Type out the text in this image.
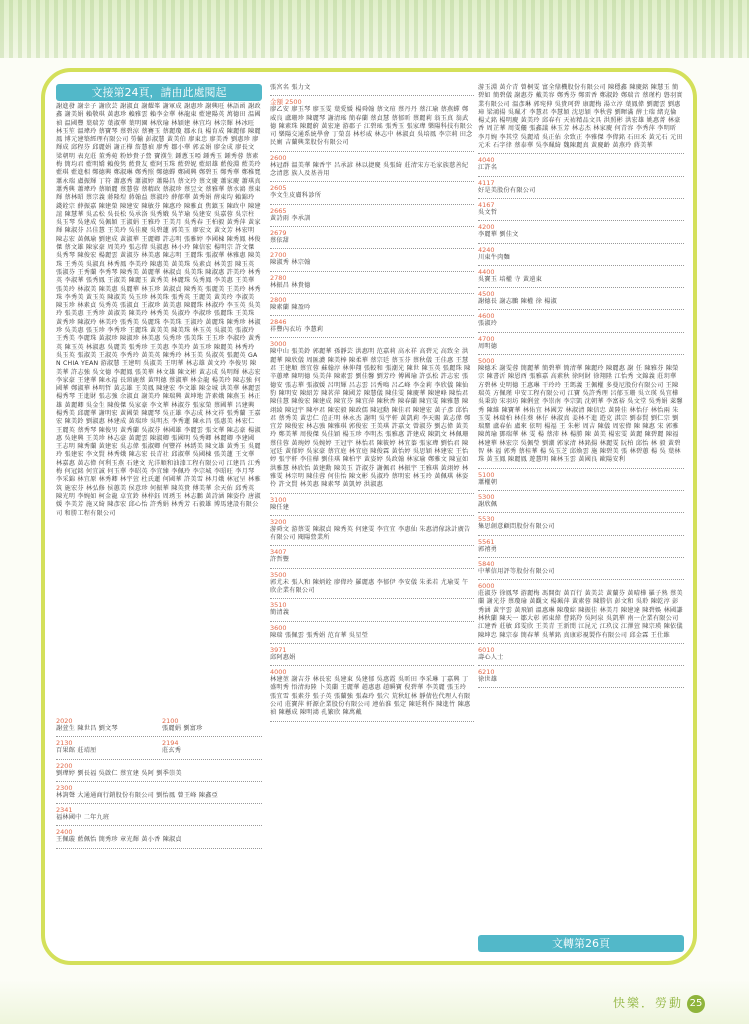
文接第24頁，請由此處閱起

謝進發 謝幸子 謝欣芸 謝淑貞 謝耀峯 謝軍成 謝惠珍 謝興旺 林語函 謝政鑫 謝美娟 賴敬琪 黃惠珍 賴雅雲 賴李金華 林龍東 藍建陽英 萬德田 温國禎 温國豐 葉瑞芳 葉淑華 葉明園 林欣瑜 林穎建 林宜均 林宗輝 林冰旺 林玉笙 溫瑋玲 蔡寶琴 蔡碧涼 蔡賽玉 蔡麗瓊 鄒永良 楊育成 陳麗郁 陳麗鳳 博元建築經理有限公司 勞輸 彭淑慧 黃美伯 廖東忠 廖美香 劉惠珍 廖輝成 邱程芬 邱麗娟 謝正樺 詹慧禎 廖秀 鄒小華 郭孟娟 廖金成 廖長文 梁朝明 表克莊 董秀菀 粉妙貴子營 寶漢生 鍾蔥玉啞 鍾秀玉 鍾秀蓉 蔡素梅 簡均君 藍明嬌 賴俊隽 藍貴友 藍阿玉珠 藍碧妮 藍紹雄 藍俊淵 藍美玲 藍琪 藍進相 鄭德興 鄭淑琳 鄭秀照 鄭德蟬 鄭國興 鄭碧玉 鄭秀華 鄭稚寬 蕭永瑞 盧振輝 丁符 蕭惠秀 蕭淑婷 蕭陽昌 蔡文玲 蔡文慶 蕭家慶 蕭琪真 蕭秀興 蕭瑋玲 蔡順麗 蔡慧蓉 蔡精政 蔡淑珍 蔡昱文 蔡雅華 蔡水鴻 蔡東輝 蔡林昭 蔡宗義 蔣隆煌 蔣翰益 蔡淑玲 薛郁華 黃秀娟 薛東均 賴錦玲 錢銓宗 薛振嘉 陳建榮 陳建安 陳敏芬 陳惠玲 陳雅貞 焦鎮玉 陳政中 陳建誼 陳慧華 吳孟松 吳長松 吳承洛 吳秀娥 吳芊瑜 吳建安 吳嘉蓉 吳宗柱 吳玉琴 吳建成 吳佩穎 王淑娟 王雅玲 王美月 吳秀春 王柏毅 黃秀萍 黃家輝 陳淑芬 呂佳慧 王美玲 吳佳慶 吳碧蓮 郭美玉 廖宏文 黃文芳 林宏明 陳志宏 黃佩瑜 劉建成 黃淑華 王麗卿 許志明 張雅婷 李國棟 陳秀鳳 林俊傑 蔡文雄 陳家豪 周美玲 張志偉 吳淑惠 林小玲 陳信宏 楊明宗 許文傑 吳秀琴 陳俊宏 楊麗雲 黃淑芬 林美惠 陳志明 王麗珠 張淑華 林雅惠 陳美珠 王秀英 吳淑真 林秀鳳 李美玲 陳惠美 黃美珠 吳素貞 林美雲 陳玉英 張淑芬 王秀蘭 李秀琴 陳秀美 黃麗華 林淑貞 吳美珠 陳淑惠 許美玲 林秀英 李淑華 張秀鳳 王淑美 陳麗玉 黃秀美 林麗珠 吳秀鳳 李美惠 王美華 張美玲 林淑美 陳美惠 吳麗華 林玉珍 黃淑貞 陳秀英 張麗美 王美玲 林秀珠 李秀美 黃玉英 陳淑美 吳玉珍 林美珠 張秀英 王麗美 黃美玲 李淑美 陳玉珍 林素貞 吳秀英 張淑貞 王淑珍 黃美惠 陳麗珠 林淑玲 李玉英 吳美玲 張美惠 王秀珍 黃淑美 陳美玲 林秀美 吳淑玲 李淑珍 張麗珠 王美珠 黃秀珍 陳淑玲 林美玲 張秀美 吳麗珠 李美珠 王淑玲 黃麗珠 陳秀珍 林淑珍 吳美惠 張玉珍 李秀珍 王麗珠 黃美美 陳美珠 林玉英 吳淑美 張淑玲 王秀美 李麗珠 黃淑珍 陳淑珍 林美惠 吳秀珍 張美珠 王玉珍 李淑玲 黃秀英 陳玉英 林淑惠 吳麗美 張秀珍 王美惠 李美玲 黃玉珍 陳麗美 林秀玲 吳玉英 張淑美 王淑英 李秀玲 黃美英 陳秀玲 林玉美 吳淑英 張麗英 GAN CHIA YEAN 游淑慧 王建明 吳淑美 王明華 林志雄 黃文玲 李俊男 陳美華 許志強 吳文德 李麗鳳 張美華 林文雄 陳文彬 黃志成 吳明輝 林志宏 李家豪 王建華 陳永福 長頸鹿蔡 黃明德 蔡淑華 林金龍 楊美玲 陳志強 何國華 鄭淑華 林明哲 黃志雄 王美鳳 陳建宏 李文雄 陳金城 洪美華 林麗雲 楊秀琴 王進財 張志強 余淑貞 謝美玲 陳瑞興 黃坤地 許素娥 陳燕玉 林正雄 黃麗卿 吳金生 陳俊傑 吳家豪 李文華 林淑芬 張家榮 蔡國華 呂建興 楊秀美 邱麗華 謝明宏 黃國榮 陳麗琴 吳正雄 李志成 林文祥 張秀蘭 王嘉宏 陳美鈴 劉淑惠 林建成 黃瑞珍 吳明杰 李秀蓮 陳永昌 張惠美 林宏仁 王麗英 蔡秀琴 陳俊男 黃秀蘭 吳淑芬 林國雄 李麗雲 張文華 陳志豪 楊淑惠 吳建興 王美珍 林志豪 黃麗雲 陳淑卿 張國明 吳秀卿 林麗卿 李建國 王志明 陳秀蘭 黃建宏 吳志偉 張淑卿 何豐祥 林綉美 陳文雄 黃秀玉 吳麗玲 張建宏 李文賢 林秀娥 陳志宏 長青社 邱淑華 吳國棟 張美蓮 王文華 林嘉惠 黃志偉 何利玉燕 石建文 光洋順和油漆工程有限公司 江建昌 江秀梅 何冠銘 何宜誠 何玉華 李昭英 李宜臻 李佩玲 李宗城 李昭旺 李月琴 李采錦 林宜原 林秀卿 林宇萱 杜氏蓮 何國華 許美雪 林月娥 林冠呈 林雅筑 施宏芬 林弘修 侯蕙美 侯意珍 何振華 陳英貴 傅美華 余天佑 邱秀英 陳光明 李婉如 柯金龍 卓宜鈴 林梓鈺 周琇玉 林志鵬 黃詩涵 陳姿伶 唐淑媛 李美芳 施又綺 陳彥宏 邱心怡 許秀娟 林秀芳 石毅雄 博馬建設有限公司 和勝工程有限公司

2020
謝萱生 陳世昌 劉文琴
2100
張麗娟 劉富珍
2130
百果館 莊靖厘
2194
莊玄秀
2200
劉瑋婷 劉長福 吳啟仁 蔡宜建 吳阿 劉季崇美
2300
林詢聲 大通通商行銷股份有限公司 劉怡鳳 曾王峰 陳鑫亞
2341
福林國中 二年九班
2400
王佩璇 藍佩怡 簡秀珍 章光輝 黃小香 陳淑貞
張宮名 張力文
金額 2500
廖乙安 廖玉琴 廖玉雯 葉愛媛 楊舜翰 蔡文瑄 蔡丹丹 蔡江瑜 蔡燕蟬 鄭威良 盧珊珍 陳麗琴 謝清瑤 簡春蘭 蔡貞慧 蔡郁昕 蔡麗莉 翁玉真 翁武德 陳素珠 陳麗蔚 黃宏達 游郡子 江碧瑤 張秀玉 張家瑋 樂陽科技有限公司 樂陽交通系統學會 丁榮喜 林杉威 林志中 林淑貞 吳培鳳 李宗莉 田念民廁 吉蘭興業股份有限公司
2600
林冠群 溫美華 陳香宇 呂承諺 林以捷慶 吳張綺 莊清宋方毛家族慈善紀念清慈 族人及基善用
2605
李文生皮膚科診所
2665
黃詩雨 李承訓
2679
蔡依甜
2700
陳淑秀 林宗翰
2780
林振昌 林貴德
2800
陳素蘭 陳盈吟
2846
祥豐內衣坊 李慧莉
3000
陳中山 張美鈴 郭麗華 孫靜芸 洪惠明 范嘉莉 高永祥 高碧元 高致全 洪麗華 陳欣儀 周匯濃 陳美棒 陳柔華 蔡宗廷 蔡玉芬 蔡秋儀 王佳惠 王慧君 王建順 蔡宜蓉 蘇翰淳 林伸翔 張較和 張潮光 陳世 陳玉英 張麗珠 陳辛蕙瑋 陳明德 吳美萍 陳素雲 劉佳馨 劉芳玲 傅國瑜 許弘松 許志宏 張德安 張志華 張淑媛 呂明輝 呂志雲 呂秀鳴 呂乙峰 李金莉 李欣儀 陳仙豹 陳明安 陳紹芳 陳茗萍 陳國芳 陳慧儀 陳佳雯 陳慶華 陳建峰 陳怡君 陳佳慧 陳俊宏 陳建成 陳宜芬 陳宜萍 陳秋香 陳春蘭 陳宜雯 陳雅慧 陳翊綾 陳冠宇 陳亭君 陳宏毅 陳政儒 陳冠勳 陳佳君 陳建宏 黃子彥 邱怡君 蔡秀美 黃忠仁 范正明 林永杰 謝明 吳宇軒 黃凱莉 李天賜 黃志偉 鄭宜芳 陳俊宏 林志強 陳雅琪 郭俊宏 王美琪 許嘉文 曾淑芬 劉志偉 黃美玲 鄭美華 周俊傑 吳佳穎 楊玉珍 李明杰 張雅惠 許建成 陳凱文 林佩珊 蔡佳蓉 黃琬婷 吳婉婷 王冠宇 林怡君 陳筱婷 林宜蓁 張家瑋 劉怡君 陳冠廷 黃郁婷 吳家豪 蔡宜庭 林宜庭 陳俊霖 黃怡婷 吳思穎 林建宏 王怡婷 張宇軒 李佳樺 劉佳琪 陳柏宇 黃姿婷 吳政翰 林家瑜 鄭雅文 陳宣如 洪雅慧 林欣怡 黃建勳 陳美玉 許淑芬 謝佩君 林振宇 王雅琪 黃翊婷 林雅雯 林宗明 陳佳蓉 何佳怡 陳文彬 吳淑玲 蔡明宏 林玉玲 黃佩琪 林姿伶 許文賢 林美惠 陳素琴 黃凱婷 洪淑惠
3100
陳任建
3200
游舜文 游蔡雯 陳淑貞 陳秀英 何建雯 李宜宜 李惠仙 朱惠清傢詠計廣告有限公司 閱陽營業所
3407
許哲豐
3500
郭尤未 張人和 陳炳銓 廖偉玲 羅麗惠 李郁伊 李安儀 朱柔若 尤瑜雯 午欣企業有限公司
3510
簡清義
3600
陳瑞 張佩雲 張秀娟 范育華 吳星瑩
3971
邱阿惠娟
4000
林建堃 謝吉芬 林長宏 吳建東 吳建郁 吳惠霞 吳昕田 李采琳 丁嘉興 丁盛明秀 悟清海陸 卜美蘭 王麗華 趙惠惠 趙瞬寶 倪碧華 李美麗 張玉玲 張宜雪 張素芬 張子英 張蘭強 張森玲 張穴 荒秋紅林 靜倩佐代理人有限公司 莊寶萍 軒源企業股份有限公司 連佑淮 張定 陳延利作 陳進竹 陳惠禎 陳懸成 陳明鴻 孔繁欣 陳萬戴
游玉淵 黃介青 曾桐雯 富全鼎機股份有限公司 陳穩鑫 陳慶銘 陳慧玉 簡碧如 簡碧儀 謝惠芬 戴美容 鄭秀芬 鄭雷香 鄭淑鈴 鄭瑞音 蔡瑾杓 磐羽實業有限公司 溫彥琳 郭宛伸 吳貴珂碧 康麗梅 湯立淳 葉鳳偉 劉麗雲 劉惠璋 梁鴻揚 吳珮才 李慧君 李慧穎 沈思穎 李秋蓉 劉暉滿 薛士瑞 緒克倫 楊丈銘 楊明慶 黃美玲 邱春有 天祐精品文具 洪照彬 洪宏雄 姚惠菁 林豪香 周芷華 周雯儷 張鑫議 林玉芳 林志杰 林家慶 何青容 李秀萍 李明昕 李月婉 李其堂 吳麗靖 吳正佑 余致正 李雅傑 李偉銘 石田禾 黃元石 元田 元禾 石字律 蔡泰華 吳李珮綺 魏陳麗真 黃慶齡 黃燕玲 蔣美華
4040
江許名
4117
好是美股份有限公司
4167
吳文哲
4200
李麗華 劉佳文
4240
川東牛肉麵
4400
吳寶玉 培權 寺 黃遠東
4500
謝德長 謝志鵬 陳權 徐 楊淑
4600
張淑玲
4700
周明德
5000
陳德禾 謝雯蓉 簡麗華 簡碧華 簡清華 陳麗玲 陳麗惠 謝 任 陳雅芬 陳榮宗 陳書沂 陳恩酉 張雅嘉 高素秋 徐阿財 徐翔陞 江怡秀 文錦義 莊玥華 方碧林 史明德 王惠琳 干玲玲 王瑪義 王佩權 多曼尼股份有限公司 王陳瑞英 方佩瑾 申安工程有限公司 江寶 吳許秀理 呂郁玉珊 吳立瑛 吳宜樺 吳秉勁 宋羽坊 陳俐萱 李崇南 李宗凱 沈朝華 李富裕 吳文堂 吳秀娟 萊馨秀 陳維 陳寶華 林佑宜 林國芳 林淑清 陳信忠 黃陸佳 林怡仔 林怡兩 朱玉雯 林瑞柏 林佳葵 林仔 林淑真 姜林不進 遊克 淇宗 劉泰賢 劉仁宗 劉瑞塵 盧春佑 盧來 依明 楊福 王 朱彬 周吉 陳儀 周宏偉 陳 陳惠 宋 郭雅 陳萬瑜 鄧瑞華 林 雯 楊 蔡沛 林 楊勝 陳 黃美 楊宏雯 黃麗 陳碧麗 陳福 林建華 林宏宗 吳佩瑩 劉潮 郭家清 林銘揚 林麗雯 阮柏 邱怡 林 毅 黃碧智 林 福 郭秀 蔡桂華 楊 吳玉芝 邱煥雲 施 陳碧美 張 林碧蕙 楊 吳 葉林珠 黃玉鳳 陳麗鳳 遊慧明 陳林玉雲 黃國良 歐陽安利
5100
蕭權朝
5300
謝欣佩
5530
集思創意顧問股份有限公司
5561
郭禧勇
5840
中華信用評等股份有限公司
6000
莊淑芬 徐鳳琴 游麗梅 馮開街 黃百行 黃美芸 黃蘭芬 黃晴樺 羅子熟 蔡美蘭 謝光芬 蔡瓊瑜 黃觀文 楊珮萍 黃素蓉 陳勝信 彭文和 吳聆 陳乾淳 彭秀涵 黃宇雲 黃飛穎 溫惠琳 陳瓊綜 陳振佳 林美月 陳建達 陳碧娛 林國謙 林秋蘭 陳天一 鄒大彰 郭東煒 曹銘羚 吳阿泉 吳凱華 南一企業有限公司 江建香 莊敏 邱雯欣 王美青 王新閔 江昆元 江玖汶 江澤萱 陳宗瑛 陳依儀 陳坤忠 陳宗泰 簡春華 吳華銘 真康彩視製作有限公司 邱金霖 王仕維
6010
壽心人士
6210
徐世雄
文轉第26頁
快樂．勞動 25
